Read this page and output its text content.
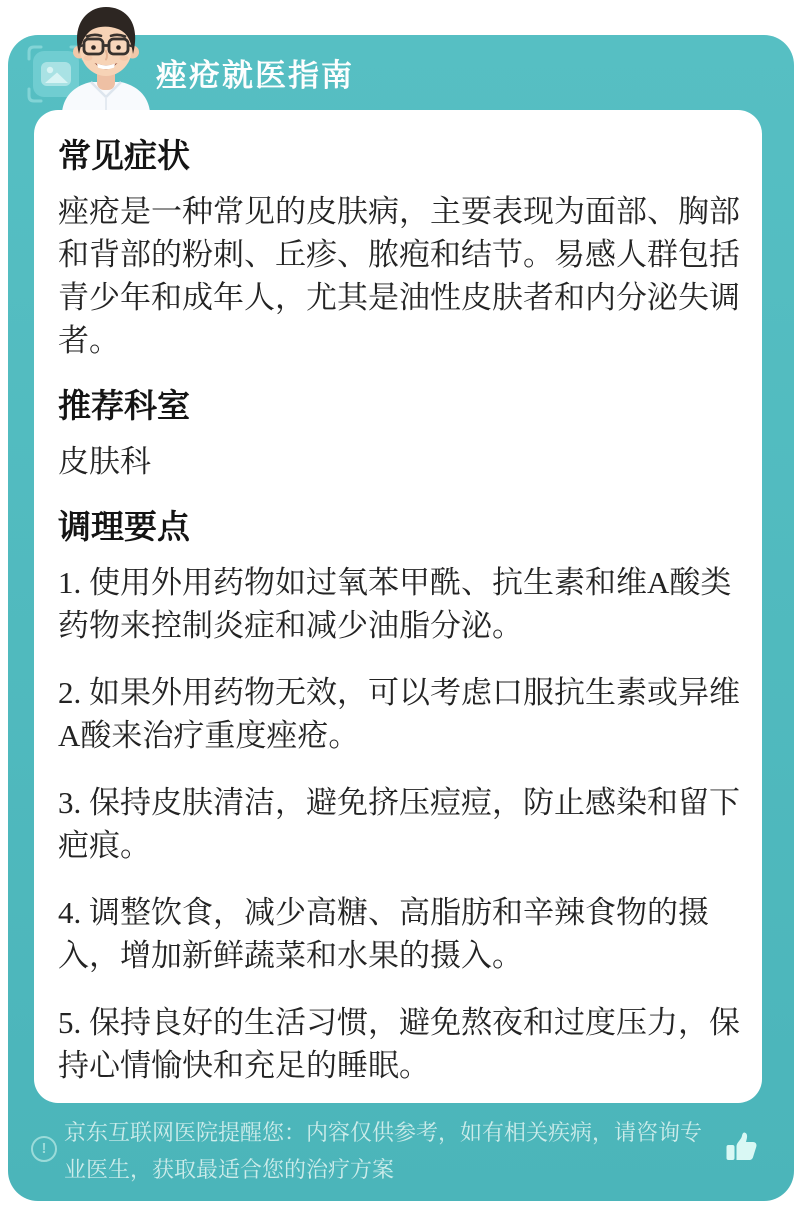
痤疮就医指南
常见症状

痤疮是一种常见的皮肤病，主要表现为面部、胸部和背部的粉刺、丘疹、脓疱和结节。易感人群包括青少年和成年人，尤其是油性皮肤者和内分泌失调者。

推荐科室

皮肤科

调理要点

1. 使用外用药物如过氧苯甲酰、抗生素和维A酸类药物来控制炎症和减少油脂分泌。

2. 如果外用药物无效，可以考虑口服抗生素或异维A酸来治疗重度痤疮。

3. 保持皮肤清洁，避免挤压痘痘，防止感染和留下疤痕。

4. 调整饮食，减少高糖、高脂肪和辛辣食物的摄入，增加新鲜蔬菜和水果的摄入。

5. 保持良好的生活习惯，避免熬夜和过度压力，保持心情愉快和充足的睡眠。

!
京东互联网医院提醒您：内容仅供参考，如有相关疾病，请咨询专业医生，获取最适合您的治疗方案
